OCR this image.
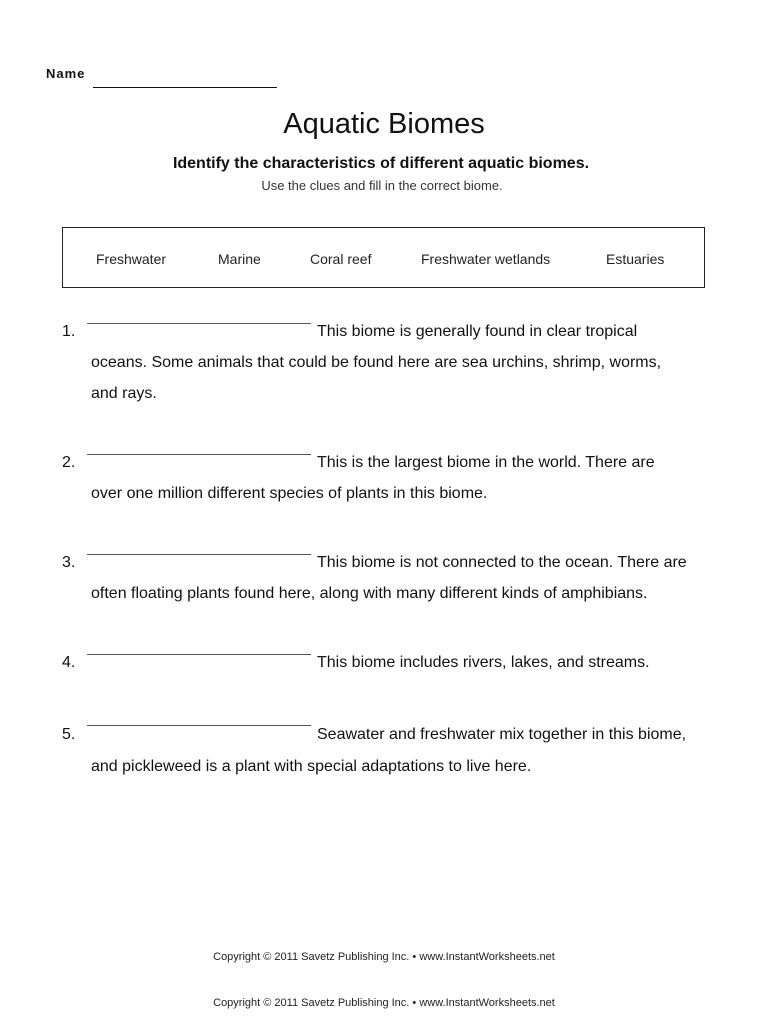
Name
Aquatic Biomes
Identify the characteristics of different aquatic biomes.
Use the clues and fill in the correct biome.
Freshwater	Marine	Coral reef	Freshwater wetlands	Estuaries
1.	This biome is generally found in clear tropical
oceans. Some animals that could be found here are sea urchins, shrimp, worms,
and rays.
2.	This is the largest biome in the world. There are
over one million different species of plants in this biome.
3.	This biome is not connected to the ocean. There are
often floating plants found here, along with many different kinds of amphibians.
4.	This biome includes rivers, lakes, and streams.
5.	Seawater and freshwater mix together in this biome,
and pickleweed is a plant with special adaptations to live here.
Copyright © 2011 Savetz Publishing Inc. • www.InstantWorksheets.net
Copyright © 2011 Savetz Publishing Inc. • www.InstantWorksheets.net
